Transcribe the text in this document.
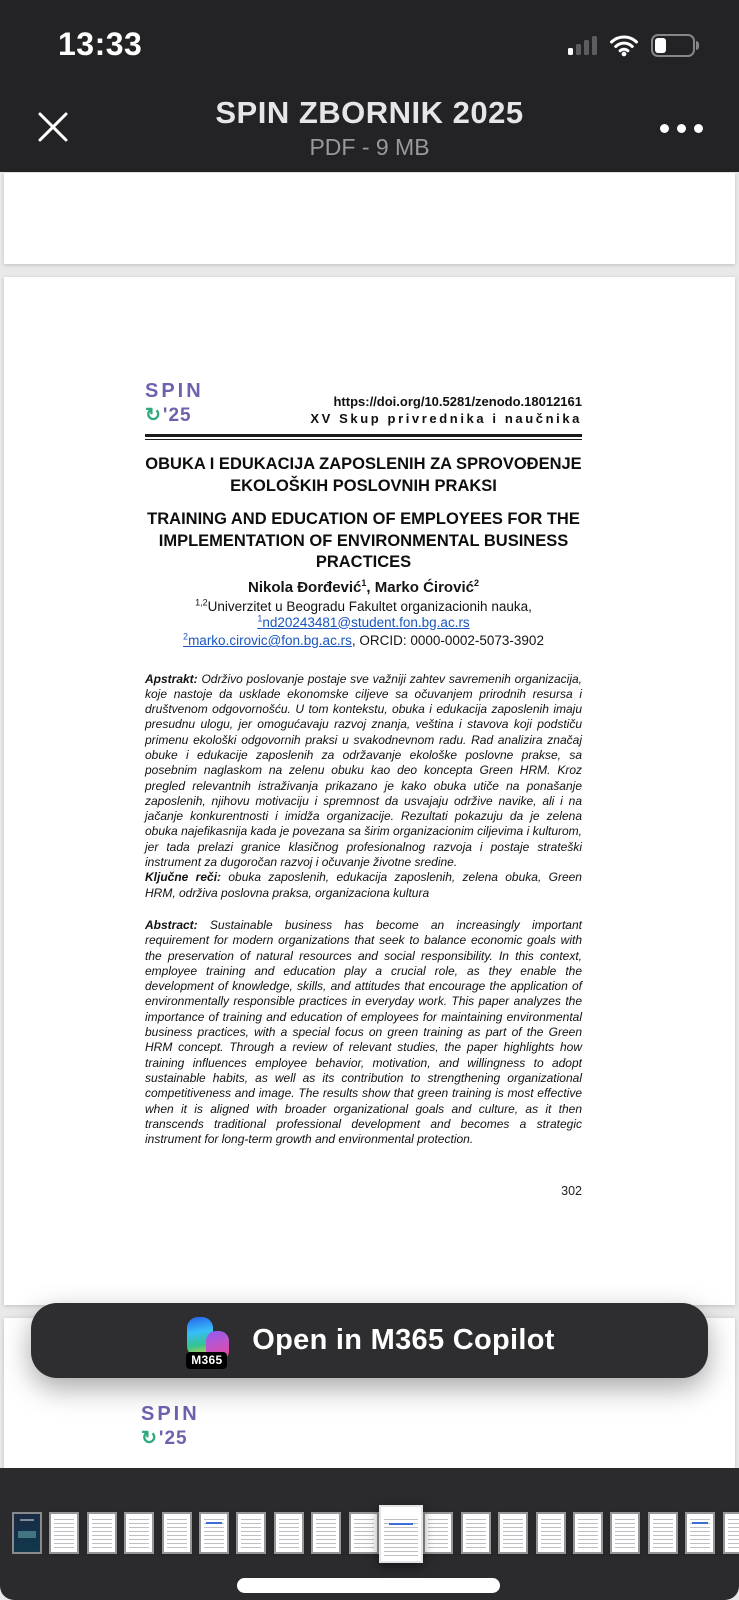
13:33
SPIN ZBORNIK 2025
PDF - 9 MB
SPIN
↻'25
https://doi.org/10.5281/zenodo.18012161
XV Skup privrednika i naučnika
OBUKA I EDUKACIJA ZAPOSLENIH ZA SPROVOĐENJE
EKOLOŠKIH POSLOVNIH PRAKSI
TRAINING AND EDUCATION OF EMPLOYEES FOR THE
IMPLEMENTATION OF ENVIRONMENTAL BUSINESS
PRACTICES
Nikola Đorđević$^1$, Marko Ćirović$^2$
$^{1,2}$Univerzitet u Beogradu Fakultet organizacionih nauka,
$^1$nd20243481@student.fon.bg.ac.rs
$^2$marko.cirovic@fon.bg.ac.rs, ORCID: 0000-0002-5073-3902

Apstrakt: Održivo poslovanje postaje sve važniji zahtev savremenih organizacija, koje nastoje da usklade ekonomske ciljeve sa očuvanjem prirodnih resursa i društvenom odgovornošću. U tom kontekstu, obuka i edukacija zaposlenih imaju presudnu ulogu, jer omogućavaju razvoj znanja, veština i stavova koji podstiču primenu ekološki odgovornih praksi u svakodnevnom radu. Rad analizira značaj obuke i edukacije zaposlenih za održavanje ekološke poslovne prakse, sa posebnim naglaskom na zelenu obuku kao deo koncepta Green HRM. Kroz pregled relevantnih istraživanja prikazano je kako obuka utiče na ponašanje zaposlenih, njihovu motivaciju i spremnost da usvajaju održive navike, ali i na jačanje konkurentnosti i imidža organizacije. Rezultati pokazuju da je zelena obuka najefikasnija kada je povezana sa širim organizacionim ciljevima i kulturom, jer tada prelazi granice klasičnog profesionalnog razvoja i postaje strateški instrument za dugoročan razvoj i očuvanje životne sredine.

Ključne reči: obuka zaposlenih, edukacija zaposlenih, zelena obuka, Green HRM, održiva poslovna praksa, organizaciona kultura

Abstract: Sustainable business has become an increasingly important requirement for modern organizations that seek to balance economic goals with the preservation of natural resources and social responsibility. In this context, employee training and education play a crucial role, as they enable the development of knowledge, skills, and attitudes that encourage the application of environmentally responsible practices in everyday work. This paper analyzes the importance of training and education of employees for maintaining environmental business practices, with a special focus on green training as part of the Green HRM concept. Through a review of relevant studies, the paper highlights how training influences employee behavior, motivation, and willingness to adopt sustainable habits, as well as its contribution to strengthening organizational competitiveness and image. The results show that green training is most effective when it is aligned with broader organizational goals and culture, as it then transcends traditional professional development and becomes a strategic instrument for long-term growth and environmental protection.

302
SPIN
↻'25
M365
Open in M365 Copilot
